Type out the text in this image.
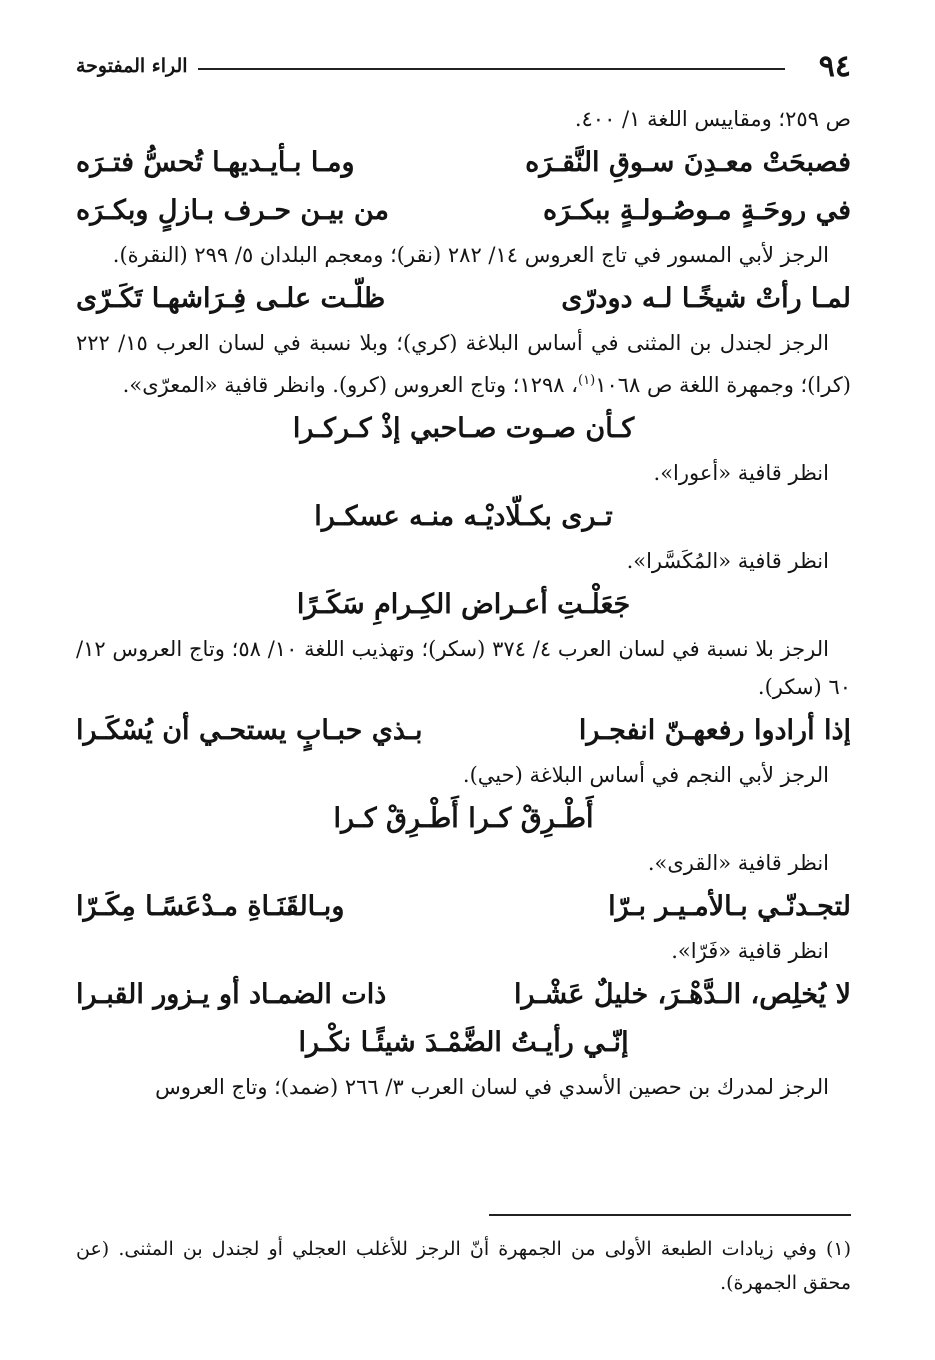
٩٤
الراء المفتوحة

ص ٢٥٩؛ ومقاييس اللغة ١/ ٤٠٠.

فصبحَتْ معـدِنَ سـوقِ النَّقـرَه
ومـا بـأيـديهـا تُحسُّ فتـرَه
في روحَـةٍ مـوصُـولـةٍ ببكـرَه
من بيـن حـرف بـازلٍ وبكـرَه

الرجز لأبي المسور في تاج العروس ١٤/ ٢٨٢ (نقر)؛ ومعجم البلدان ٥/ ٢٩٩ (النقرة).

لمـا رأتْ شيخًـا لـه دودرّى
ظلّـت علـى فِـرَاشهـا تَكَـرّى

الرجز لجندل بن المثنى في أساس البلاغة (كري)؛ وبلا نسبة في لسان العرب ١٥/ ٢٢٢ (كرا)؛ وجمهرة اللغة ص ١٠٦٨$^{(١)}$، ١٢٩٨؛ وتاج العروس (كرو). وانظر قافية «المعرّى».

كـأن صـوت صـاحبي إذْ كـركـرا

انظر قافية «أعورا».

تـرى بكـلّاديْـه منـه عسكـرا

انظر قافية «المُكَسَّرا».

جَعَلْـتِ أعـراض الكِـرامِ سَكَـرًا

الرجز بلا نسبة في لسان العرب ٤/ ٣٧٤ (سكر)؛ وتهذيب اللغة ١٠/ ٥٨؛ وتاج العروس ١٢/ ٦٠ (سكر).

إذا أرادوا رفعهـنّ انفجـرا
بـذي حبـابٍ يستحـي أن يُسْكَـرا

الرجز لأبي النجم في أساس البلاغة (حيي).

أَطْـرِقْ كـرا أَطْـرِقْ كـرا

انظر قافية «القرى».

لتجـدنّـي بـالأمـيـر بـرّا
وبـالقَنَـاةِ مـدْعَسًـا مِكَـرّا

انظر قافية «فَرّا».

لا يُخلِص، الـدَّهْـرَ، خليلٌ عَشْـرا
ذات الضمـاد أو يـزور القبـرا
إنّـي رأيـتُ الضَّمْـدَ شيئًـا نكْـرا

الرجز لمدرك بن حصين الأسدي في لسان العرب ٣/ ٢٦٦ (ضمد)؛ وتاج العروس

(١) وفي زيادات الطبعة الأولى من الجمهرة أنّ الرجز للأغلب العجلي أو لجندل بن المثنى. (عن محقق الجمهرة).
